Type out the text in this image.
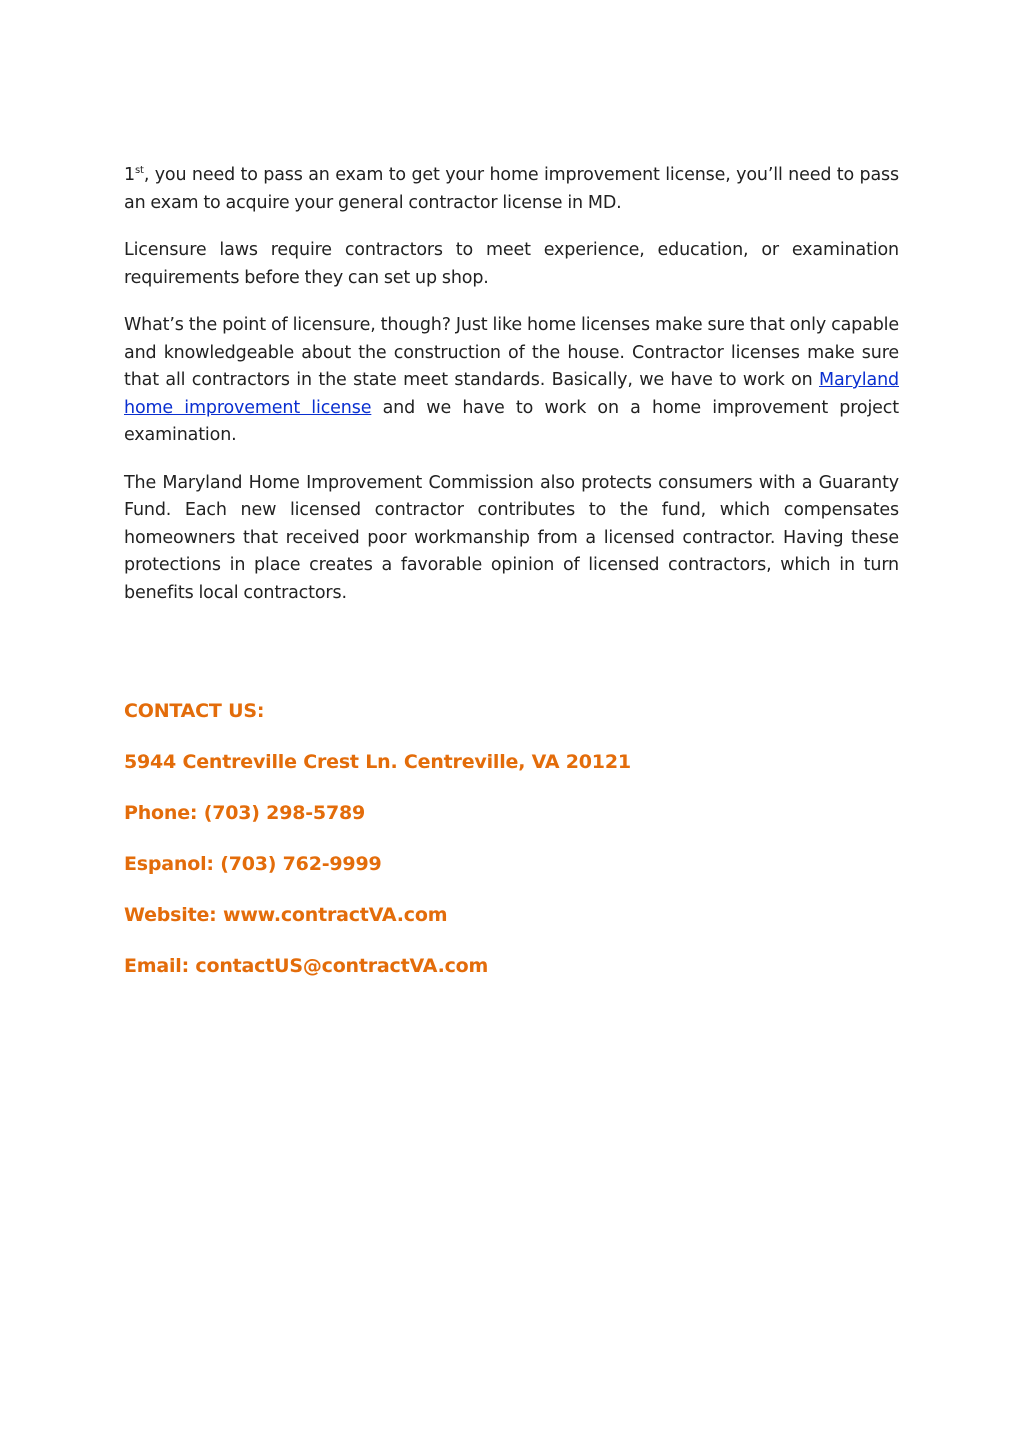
1st, you need to pass an exam to get your home improvement license, you’ll need to pass an exam to acquire your general contractor license in MD.

Licensure laws require contractors to meet experience, education, or examination requirements before they can set up shop.

What’s the point of licensure, though? Just like home licenses make sure that only capable and knowledgeable about the construction of the house. Contractor licenses make sure that all contractors in the state meet standards. Basically, we have to work on Maryland home improvement license and we have to work on a home improvement project examination.

The Maryland Home Improvement Commission also protects consumers with a Guaranty Fund. Each new licensed contractor contributes to the fund, which compensates homeowners that received poor workmanship from a licensed contractor. Having these protections in place creates a favorable opinion of licensed contractors, which in turn benefits local contractors.

CONTACT US:
5944 Centreville Crest Ln. Centreville, VA 20121
Phone: (703) 298-5789
Espanol: (703) 762-9999
Website: www.contractVA.com
Email: contactUS@contractVA.com
